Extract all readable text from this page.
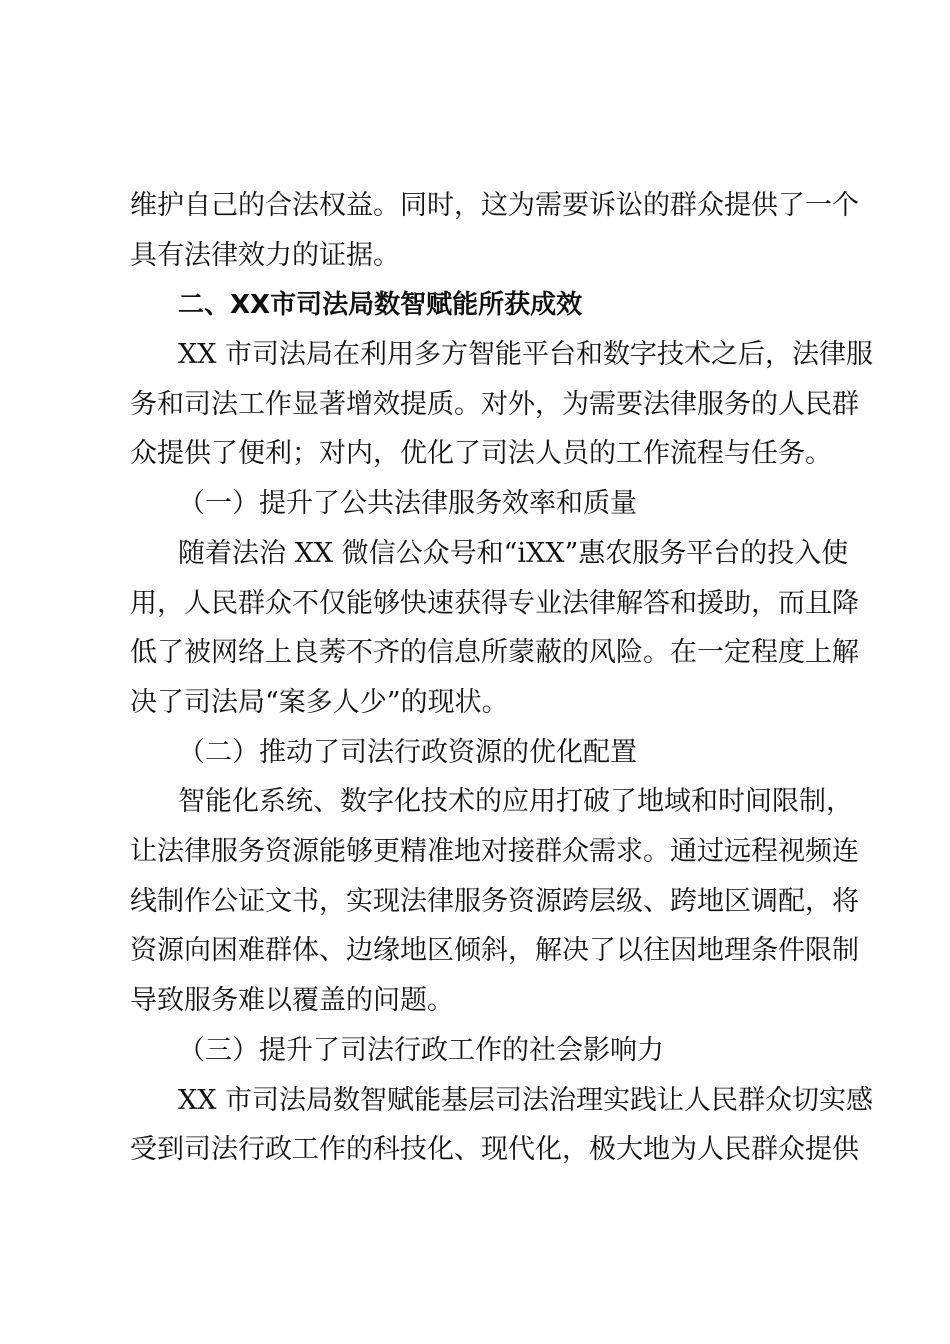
维护自己的合法权益。同时，这为需要诉讼的群众提供了一个
具有法律效力的证据。
二、XX市司法局数智赋能所获成效
XX 市司法局在利用多方智能平台和数字技术之后，法律服
务和司法工作显著增效提质。对外，为需要法律服务的人民群
众提供了便利；对内，优化了司法人员的工作流程与任务。
（一）提升了公共法律服务效率和质量
随着法治 XX 微信公众号和“iXX”惠农服务平台的投入使
用，人民群众不仅能够快速获得专业法律解答和援助，而且降
低了被网络上良莠不齐的信息所蒙蔽的风险。在一定程度上解
决了司法局“案多人少”的现状。
（二）推动了司法行政资源的优化配置
智能化系统、数字化技术的应用打破了地域和时间限制，
让法律服务资源能够更精准地对接群众需求。通过远程视频连
线制作公证文书，实现法律服务资源跨层级、跨地区调配，将
资源向困难群体、边缘地区倾斜，解决了以往因地理条件限制
导致服务难以覆盖的问题。
（三）提升了司法行政工作的社会影响力
XX 市司法局数智赋能基层司法治理实践让人民群众切实感
受到司法行政工作的科技化、现代化，极大地为人民群众提供
